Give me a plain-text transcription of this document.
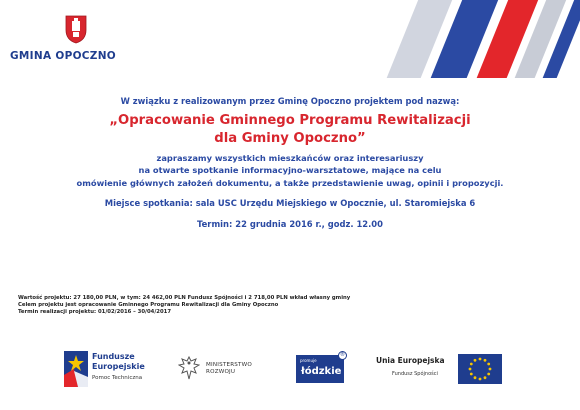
GMINA OPOCZNO
W związku z realizowanym przez Gminę Opoczno projektem pod nazwą:
„Opracowanie Gminnego Programu Rewitalizacji
dla Gminy Opoczno”
zapraszamy wszystkich mieszkańców oraz interesariuszy
na otwarte spotkanie informacyjno-warsztatowe, mające na celu
omówienie głównych założeń dokumentu, a także przedstawienie uwag, opinii i propozycji.
Miejsce spotkania: sala USC Urzędu Miejskiego w Opocznie, ul. Staromiejska 6
Termin: 22 grudnia 2016 r., godz. 12.00
Wartość projektu: 27 180,00 PLN, w tym: 24 462,00 PLN Fundusz Spójności i 2 718,00 PLN wkład własny gminy
Celem projektu jest opracowanie Gminnego Programu Rewitalizacji dla Gminy Opoczno
Termin realizacji projektu: 01/02/2016 – 30/04/2017
Fundusze
Europejskie
Pomoc Techniczna
MINISTERSTWO
ROZWOJU
promuje
łódzkie
®
Unia Europejska
Fundusz Spójności
